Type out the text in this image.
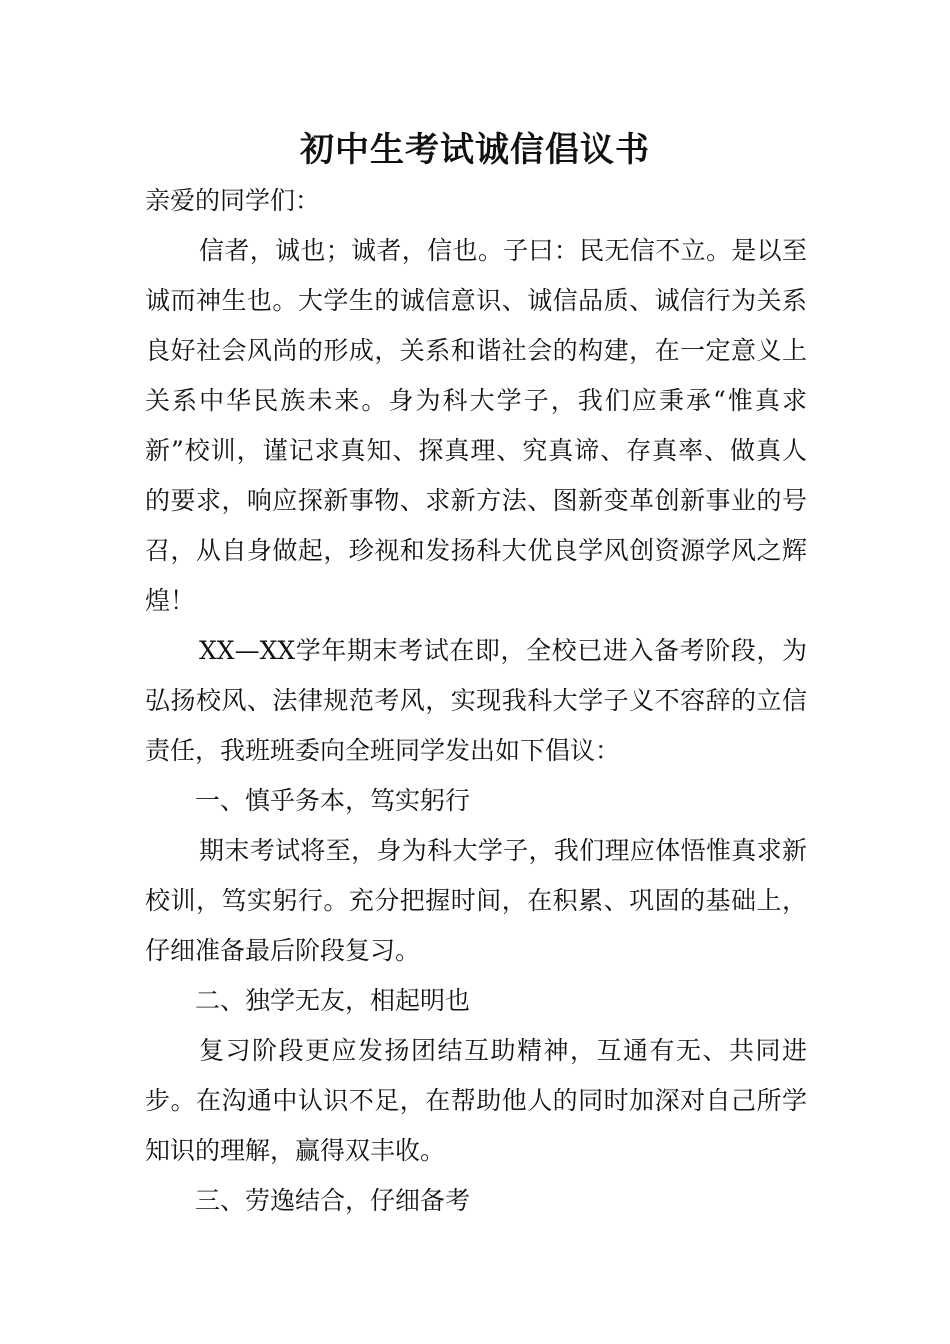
初中生考试诚信倡议书

亲爱的同学们：

信者，诚也；诚者，信也。子曰：民无信不立。是以至诚而神生也。大学生的诚信意识、诚信品质、诚信行为关系良好社会风尚的形成，关系和谐社会的构建，在一定意义上关系中华民族未来。身为科大学子，我们应秉承“惟真求新”校训，谨记求真知、探真理、究真谛、存真率、做真人的要求，响应探新事物、求新方法、图新变革创新事业的号召，从自身做起，珍视和发扬科大优良学风创资源学风之辉煌！

XX—XX学年期末考试在即，全校已进入备考阶段，为弘扬校风、法律规范考风，实现我科大学子义不容辞的立信责任，我班班委向全班同学发出如下倡议：

一、慎乎务本，笃实躬行

期末考试将至，身为科大学子，我们理应体悟惟真求新校训，笃实躬行。充分把握时间，在积累、巩固的基础上，仔细准备最后阶段复习。

二、独学无友，相起明也

复习阶段更应发扬团结互助精神，互通有无、共同进步。在沟通中认识不足，在帮助他人的同时加深对自己所学知识的理解，赢得双丰收。

三、劳逸结合，仔细备考
